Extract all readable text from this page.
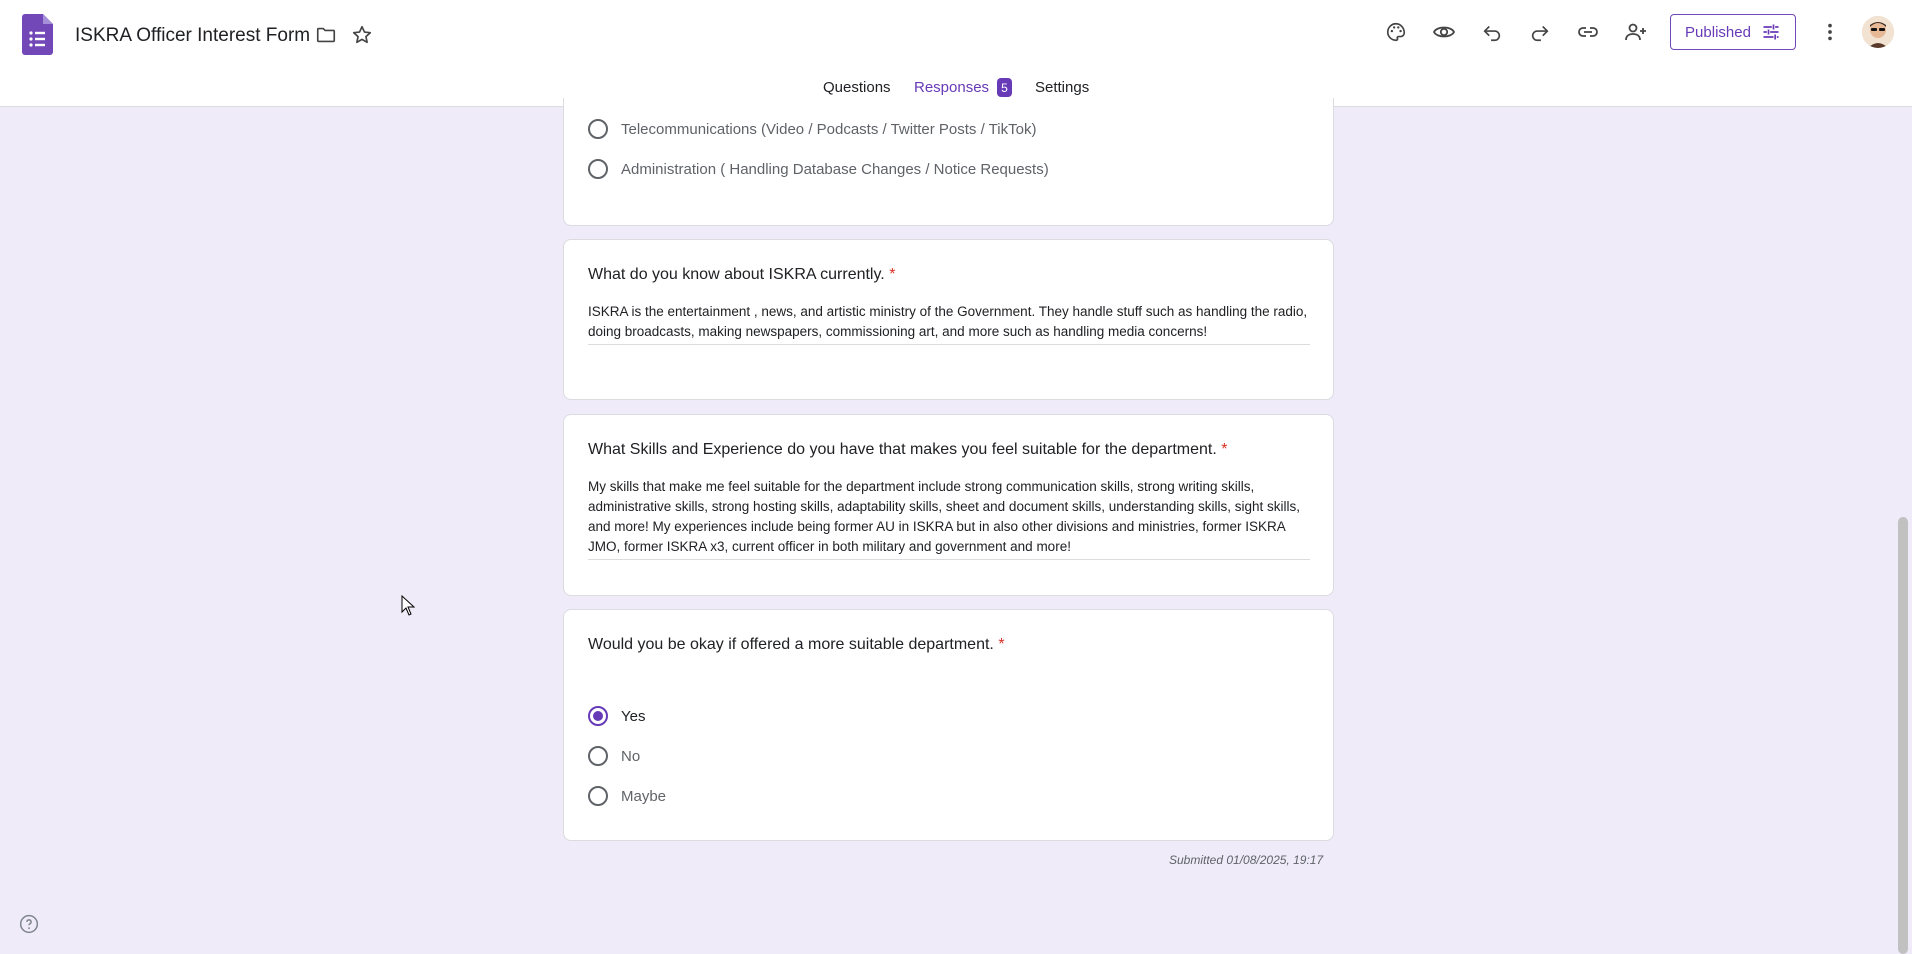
ISKRA Officer Interest Form	Published
Questions Responses	5 Settings
Telecommunications (Video / Podcasts / Twitter Posts / TikTok)
Administration ( Handling Database Changes / Notice Requests)
What do you know about ISKRA currently. *
ISKRA is the entertainment , news, and artistic ministry of the Government. They handle stuff such as handling the radio, doing broadcasts, making newspapers, commissioning art, and more such as handling media concerns!
What Skills and Experience do you have that makes you feel suitable for the department. *
My skills that make me feel suitable for the department include strong communication skills, strong writing skills, administrative skills, strong hosting skills, adaptability skills, sheet and document skills, understanding skills, sight skills, and more! My experiences include being former AU in ISKRA but in also other divisions and ministries, former ISKRA JMO, former ISKRA x3, current officer in both military and government and more!
Would you be okay if offered a more suitable department. *
Yes
No
Maybe
Submitted 01/08/2025, 19:17
